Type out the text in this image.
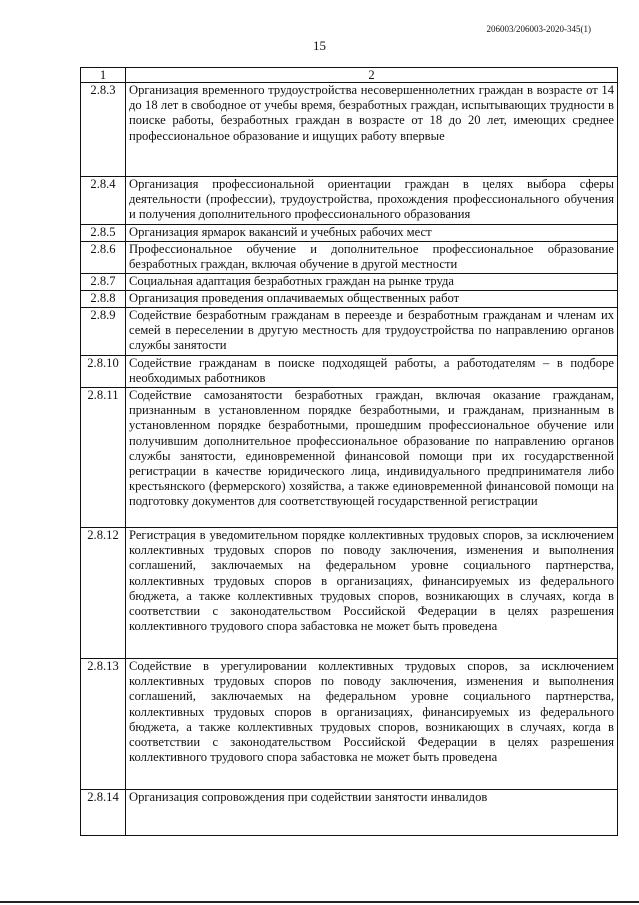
206003/206003-2020-345(1)
15
1	2
2.8.3	Организация временного трудоустройства несовершеннолетних граждан в возрасте от 14 до 18 лет в свободное от учебы время, безработных граждан, испытывающих трудности в поиске работы, безработных граждан в возрасте от 18 до 20 лет, имеющих среднее профессиональное образование и ищущих работу впервые
2.8.4	Организация профессиональной ориентации граждан в целях выбора сферы деятельности (профессии), трудоустройства, прохождения профессионального обучения и получения дополнительного профессионального образования
2.8.5	Организация ярмарок вакансий и учебных рабочих мест
2.8.6	Профессиональное обучение и дополнительное профессиональное образование безработных граждан, включая обучение в другой местности
2.8.7	Социальная адаптация безработных граждан на рынке труда
2.8.8	Организация проведения оплачиваемых общественных работ
2.8.9	Содействие безработным гражданам в переезде и безработным гражданам и членам их семей в переселении в другую местность для трудоустройства по направлению органов службы занятости
2.8.10	Содействие гражданам в поиске подходящей работы, а работодателям – в подборе необходимых работников
2.8.11	Содействие самозанятости безработных граждан, включая оказание гражданам, признанным в установленном порядке безработными, и гражданам, признанным в установленном порядке безработными, прошедшим профессиональное обучение или получившим дополнительное профессиональное образование по направлению органов службы занятости, единовременной финансовой помощи при их государственной регистрации в качестве юридического лица, индивидуального предпринимателя либо крестьянского (фермерского) хозяйства, а также единовременной финансовой помощи на подготовку документов для соответствующей государственной регистрации
2.8.12	Регистрация в уведомительном порядке коллективных трудовых споров, за исключением коллективных трудовых споров по поводу заключения, изменения и выполнения соглашений, заключаемых на федеральном уровне социального партнерства, коллективных трудовых споров в организациях, финансируемых из федерального бюджета, а также коллективных трудовых споров, возникающих в случаях, когда в соответствии с законодательством Российской Федерации в целях разрешения коллективного трудового спора забастовка не может быть проведена
2.8.13	Содействие в урегулировании коллективных трудовых споров, за исключением коллективных трудовых споров по поводу заключения, изменения и выполнения соглашений, заключаемых на федеральном уровне социального партнерства, коллективных трудовых споров в организациях, финансируемых из федерального бюджета, а также коллективных трудовых споров, возникающих в случаях, когда в соответствии с законодательством Российской Федерации в целях разрешения коллективного трудового спора забастовка не может быть проведена
2.8.14	Организация сопровождения при содействии занятости инвалидов
